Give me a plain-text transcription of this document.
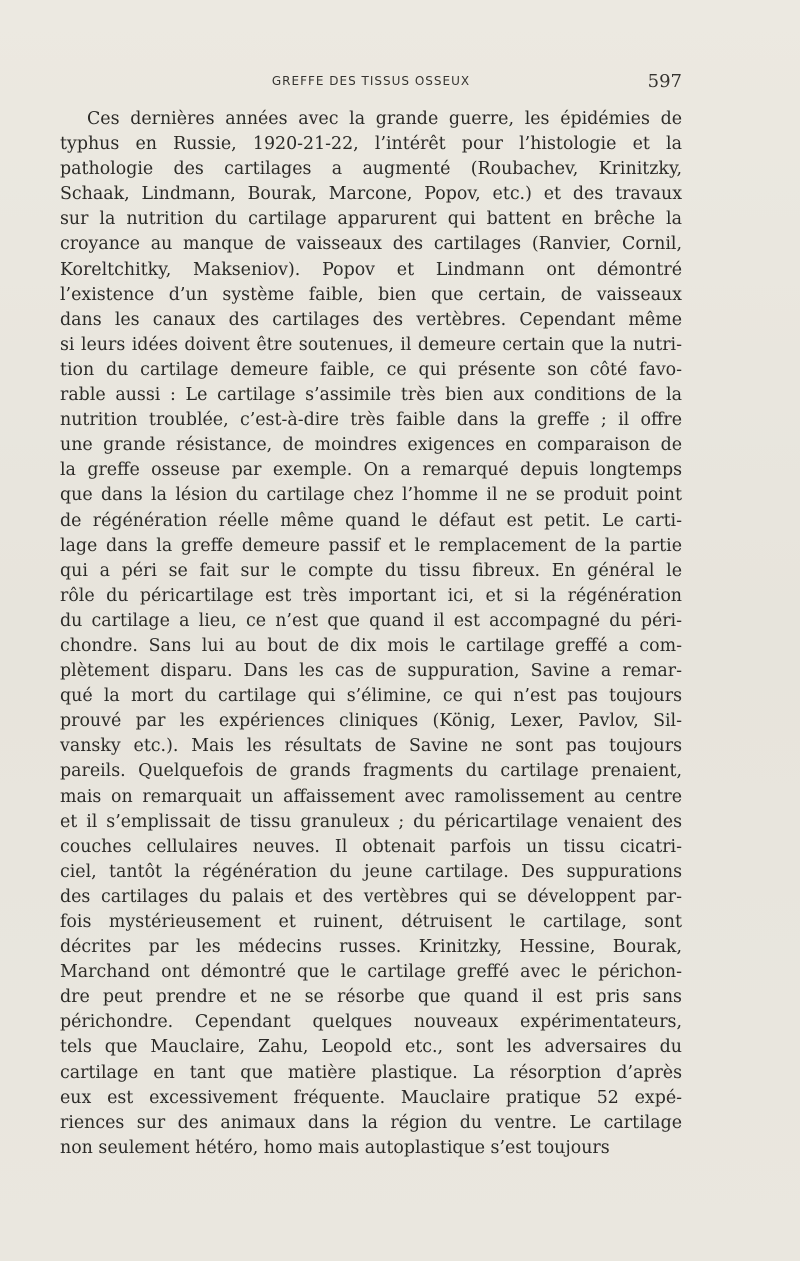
GREFFE DES TISSUS OSSEUX	597
Ces dernières années avec la grande guerre, les épidémies de
typhus en Russie, 1920-21-22, l’intérêt pour l’histologie et la
pathologie des cartilages a augmenté (Roubachev, Krinitzky,
Schaak, Lindmann, Bourak, Marcone, Popov, etc.) et des travaux
sur la nutrition du cartilage apparurent qui battent en brêche la
croyance au manque de vaisseaux des cartilages (Ranvier, Cornil,
Koreltchitky, Makseniov). Popov et Lindmann ont démontré
l’existence d’un système faible, bien que certain, de vaisseaux
dans les canaux des cartilages des vertèbres. Cependant même
si leurs idées doivent être soutenues, il demeure certain que la nutri-
tion du cartilage demeure faible, ce qui présente son côté favo-
rable aussi : Le cartilage s’assimile très bien aux conditions de la
nutrition troublée, c’est-à-dire très faible dans la greffe ; il offre
une grande résistance, de moindres exigences en comparaison de
la greffe osseuse par exemple. On a remarqué depuis longtemps
que dans la lésion du cartilage chez l’homme il ne se produit point
de régénération réelle même quand le défaut est petit. Le carti-
lage dans la greffe demeure passif et le remplacement de la partie
qui a péri se fait sur le compte du tissu fibreux. En général le
rôle du péricartilage est très important ici, et si la régénération
du cartilage a lieu, ce n’est que quand il est accompagné du péri-
chondre. Sans lui au bout de dix mois le cartilage greffé a com-
plètement disparu. Dans les cas de suppuration, Savine a remar-
qué la mort du cartilage qui s’élimine, ce qui n’est pas toujours
prouvé par les expériences cliniques (König, Lexer, Pavlov, Sil-
vansky etc.). Mais les résultats de Savine ne sont pas toujours
pareils. Quelquefois de grands fragments du cartilage prenaient,
mais on remarquait un affaissement avec ramolissement au centre
et il s’emplissait de tissu granuleux ; du péricartilage venaient des
couches cellulaires neuves. Il obtenait parfois un tissu cicatri-
ciel, tantôt la régénération du jeune cartilage. Des suppurations
des cartilages du palais et des vertèbres qui se développent par-
fois mystérieusement et ruinent, détruisent le cartilage, sont
décrites par les médecins russes. Krinitzky, Hessine, Bourak,
Marchand ont démontré que le cartilage greffé avec le périchon-
dre peut prendre et ne se résorbe que quand il est pris sans
périchondre. Cependant quelques nouveaux expérimentateurs,
tels que Mauclaire, Zahu, Leopold etc., sont les adversaires du
cartilage en tant que matière plastique. La résorption d’après
eux est excessivement fréquente. Mauclaire pratique 52 expé-
riences sur des animaux dans la région du ventre. Le cartilage
non seulement hétéro, homo mais autoplastique s’est toujours
